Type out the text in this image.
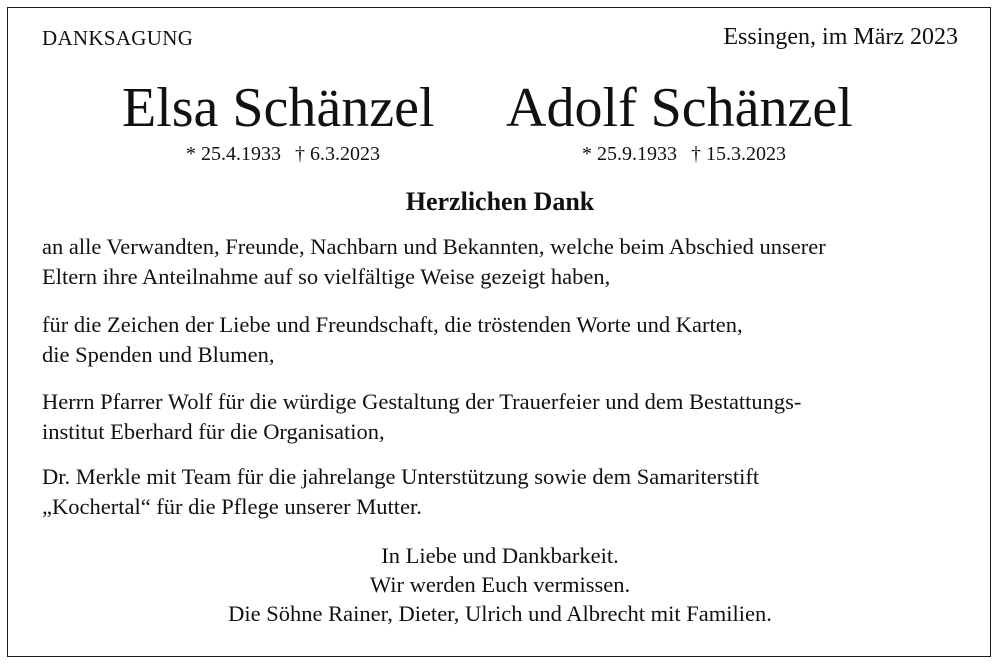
DANKSAGUNG	Essingen, im März 2023
Elsa Schänzel Adolf Schänzel
* 25.4.1933 † 6.3.2023	* 25.9.1933 † 15.3.2023
Herzlichen Dank
an alle Verwandten, Freunde, Nachbarn und Bekannten, welche beim Abschied unserer
Eltern ihre Anteilnahme auf so vielfältige Weise gezeigt haben,
für die Zeichen der Liebe und Freundschaft, die tröstenden Worte und Karten,
die Spenden und Blumen,
Herrn Pfarrer Wolf für die würdige Gestaltung der Trauerfeier und dem Bestattungs-
institut Eberhard für die Organisation,
Dr. Merkle mit Team für die jahrelange Unterstützung sowie dem Samariterstift
„Kochertal“ für die Pflege unserer Mutter.
In Liebe und Dankbarkeit.
Wir werden Euch vermissen.
Die Söhne Rainer, Dieter, Ulrich und Albrecht mit Familien.
